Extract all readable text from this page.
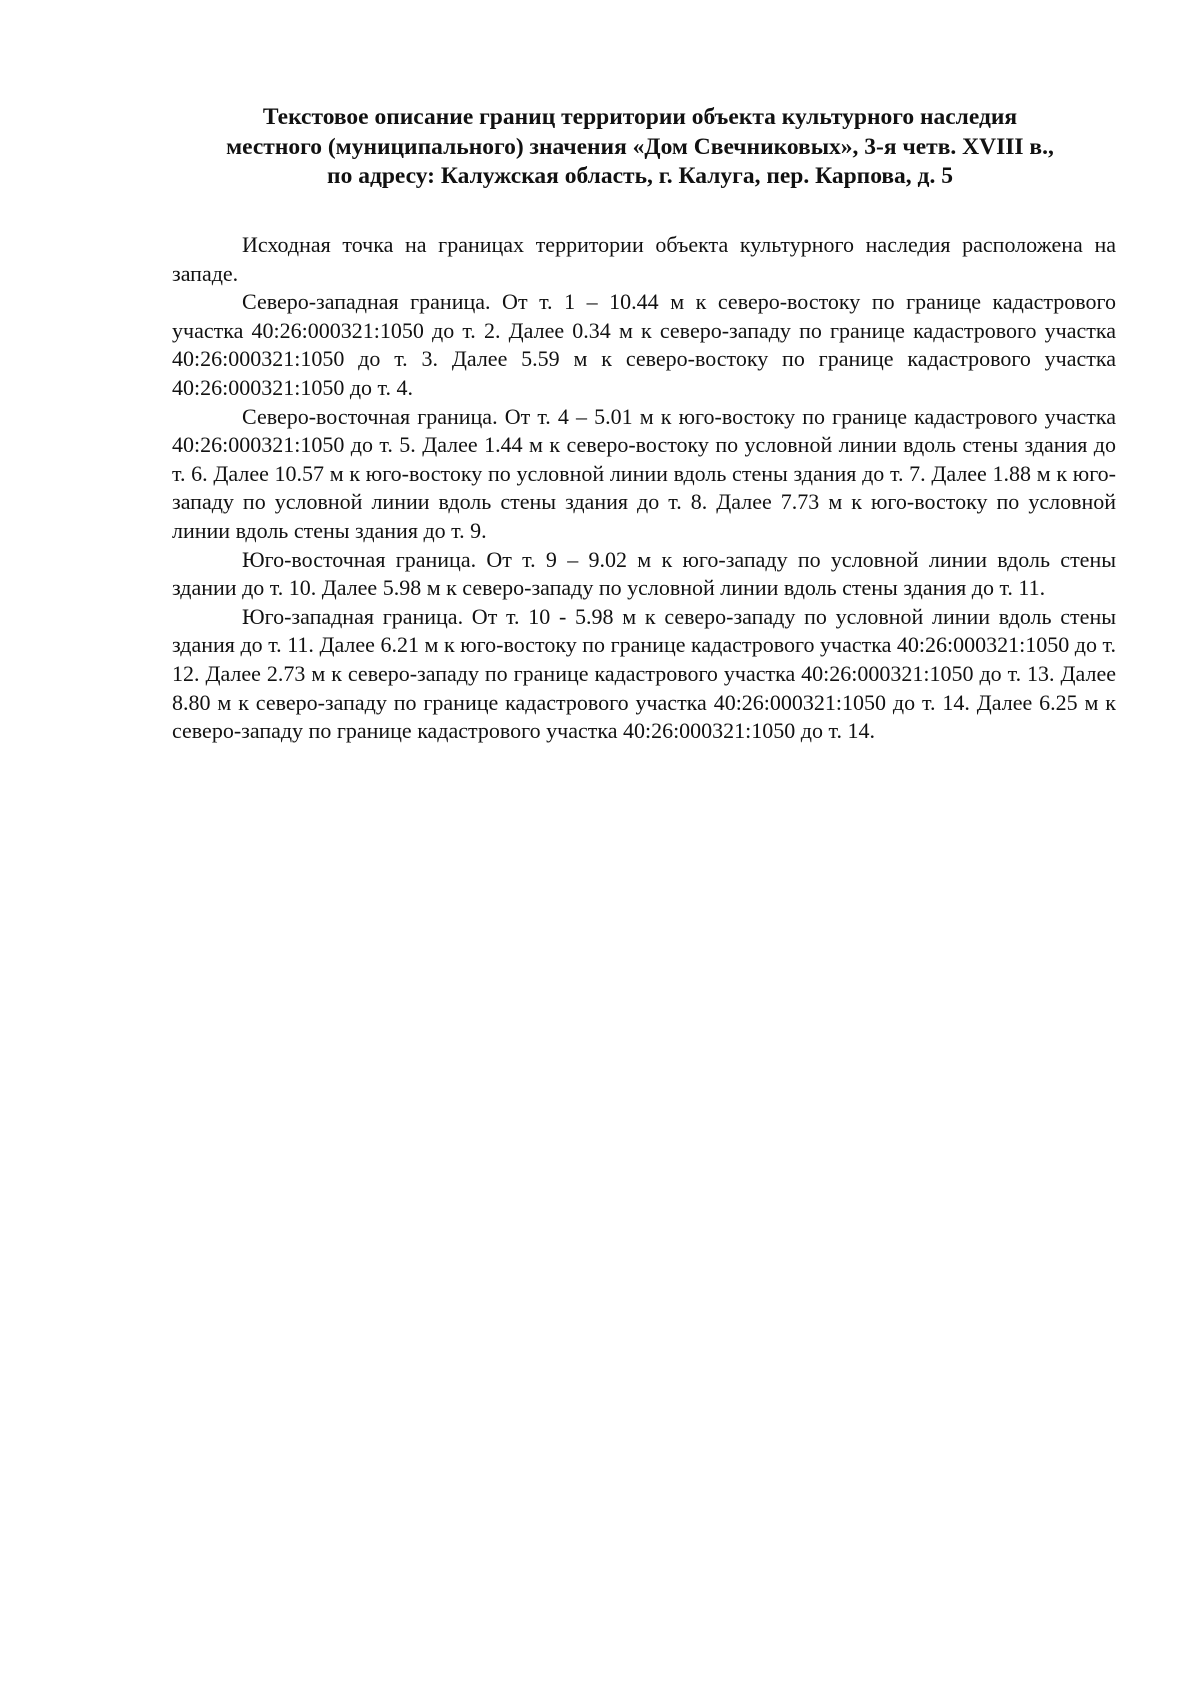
Текстовое описание границ территории объекта культурного наследия
местного (муниципального) значения «Дом Свечниковых», 3-я четв. XVIII в.,
по адресу: Калужская область, г. Калуга, пер. Карпова, д. 5

Исходная точка на границах территории объекта культурного наследия расположена на западе.

Северо-западная граница. От т. 1 – 10.44 м к северо-востоку по границе кадастрового участка 40:26:000321:1050 до т. 2. Далее 0.34 м к северо-западу по границе кадастрового участка 40:26:000321:1050 до т. 3. Далее 5.59 м к северо-востоку по границе кадастрового участка 40:26:000321:1050 до т. 4.

Северо-восточная граница. От т. 4 – 5.01 м к юго-востоку по границе кадастрового участка 40:26:000321:1050 до т. 5. Далее 1.44 м к северо-востоку по условной линии вдоль стены здания до т. 6. Далее 10.57 м к юго-востоку по условной линии вдоль стены здания до т. 7. Далее 1.88 м к юго-западу по условной линии вдоль стены здания до т. 8. Далее 7.73 м к юго-востоку по условной линии вдоль стены здания до т. 9.

Юго-восточная граница. От т. 9 – 9.02 м к юго-западу по условной линии вдоль стены здании до т. 10. Далее 5.98 м к северо-западу по условной линии вдоль стены здания до т. 11.

Юго-западная граница. От т. 10 - 5.98 м к северо-западу по условной линии вдоль стены здания до т. 11. Далее 6.21 м к юго-востоку по границе кадастрового участка 40:26:000321:1050 до т. 12. Далее 2.73 м к северо-западу по границе кадастрового участка 40:26:000321:1050 до т. 13. Далее 8.80 м к северо-западу по границе кадастрового участка 40:26:000321:1050 до т. 14. Далее 6.25 м к северо-западу по границе кадастрового участка 40:26:000321:1050 до т. 14.
